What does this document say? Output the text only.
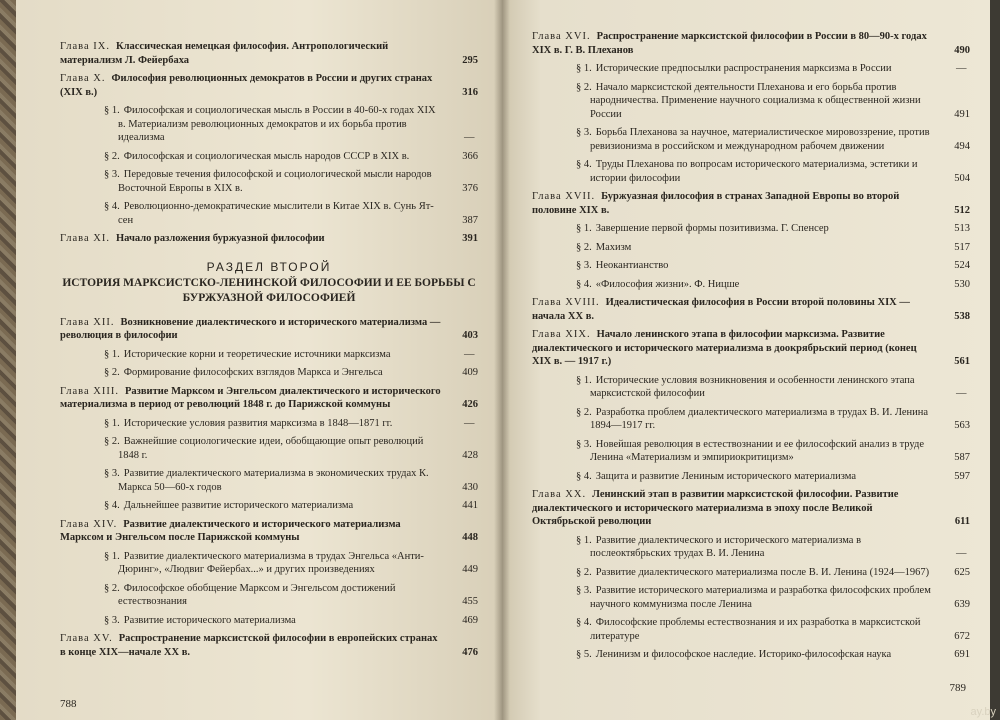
Глава IX. Классическая немецкая философия. Антропологический материализм Л. Фейербаха	295
Глава X. Философия революционных демократов в России и других странах (XIX в.)	316
§ 1. Философская и социологическая мысль в России в 40-60-х годах XIX в. Материализм революционных демократов и их борьба против идеализма	—
§ 2. Философская и социологическая мысль народов СССР в XIX в.	366
§ 3. Передовые течения философской и социологической мысли народов Восточной Европы в XIX в.	376
§ 4. Революционно-демократические мыслители в Китае XIX в. Сунь Ят-сен	387
Глава XI. Начало разложения буржуазной философии	391
РАЗДЕЛ ВТОРОЙ
ИСТОРИЯ МАРКСИСТСКО-ЛЕНИНСКОЙ ФИЛОСОФИИ И ЕЕ БОРЬБЫ С БУРЖУАЗНОЙ ФИЛОСОФИЕЙ
Глава XII. Возникновение диалектического и исторического материализма — революция в философии	403
§ 1. Исторические корни и теоретические источники марксизма	—
§ 2. Формирование философских взглядов Маркса и Энгельса	409
Глава XIII. Развитие Марксом и Энгельсом диалектического и исторического материализма в период от революций 1848 г. до Парижской коммуны	426
§ 1. Исторические условия развития марксизма в 1848—1871 гг.	—
§ 2. Важнейшие социологические идеи, обобщающие опыт революций 1848 г.	428
§ 3. Развитие диалектического материализма в экономических трудах К. Маркса 50—60-х годов	430
§ 4. Дальнейшее развитие исторического материализма	441
Глава XIV. Развитие диалектического и исторического материализма Марксом и Энгельсом после Парижской коммуны	448
§ 1. Развитие диалектического материализма в трудах Энгельса «Анти-Дюринг», «Людвиг Фейербах...» и других произведениях	449
§ 2. Философское обобщение Марксом и Энгельсом достижений естествознания	455
§ 3. Развитие исторического материализма	469
Глава XV. Распространение марксистской философии в европейских странах в конце XIX—начале XX в.	476
788
Глава XVI. Распространение марксистской философии в России в 80—90-х годах XIX в. Г. В. Плеханов	490
§ 1. Исторические предпосылки распространения марксизма в России	—
§ 2. Начало марксистской деятельности Плеханова и его борьба против народничества. Применение научного социализма к общественной жизни России	491
§ 3. Борьба Плеханова за научное, материалистическое мировоззрение, против ревизионизма в российском и международном рабочем движении	494
§ 4. Труды Плеханова по вопросам исторического материализма, эстетики и истории философии	504
Глава XVII. Буржуазная философия в странах Западной Европы во второй половине XIX в.	512
§ 1. Завершение первой формы позитивизма. Г. Спенсер	513
§ 2. Махизм	517
§ 3. Неокантианство	524
§ 4. «Философия жизни». Ф. Ницше	530
Глава XVIII. Идеалистическая философия в России второй половины XIX — начала XX в.	538
Глава XIX. Начало ленинского этапа в философии марксизма. Развитие диалектического и исторического материализма в доокрябрьский период (конец XIX в. — 1917 г.)	561
§ 1. Исторические условия возникновения и особенности ленинского этапа марксистской философии	—
§ 2. Разработка проблем диалектического материализма в трудах В. И. Ленина 1894—1917 гг.	563
§ 3. Новейшая революция в естествознании и ее философский анализ в труде Ленина «Материализм и эмпириокритицизм»	587
§ 4. Защита и развитие Лениным исторического материализма	597
Глава XX. Ленинский этап в развитии марксистской философии. Развитие диалектического и исторического материализма в эпоху после Великой Октябрьской революции	611
§ 1. Развитие диалектического и исторического материализма в послеоктябрьских трудах В. И. Ленина	—
§ 2. Развитие диалектического материализма после В. И. Ленина (1924—1967) 625
§ 3. Развитие исторического материализма и разработка философских проблем научного коммунизма после Ленина	639
§ 4. Философские проблемы естествознания и их разработка в марксистской литературе	672
§ 5. Ленинизм и философское наследие. Историко-философская наука	691
789
ay.by
